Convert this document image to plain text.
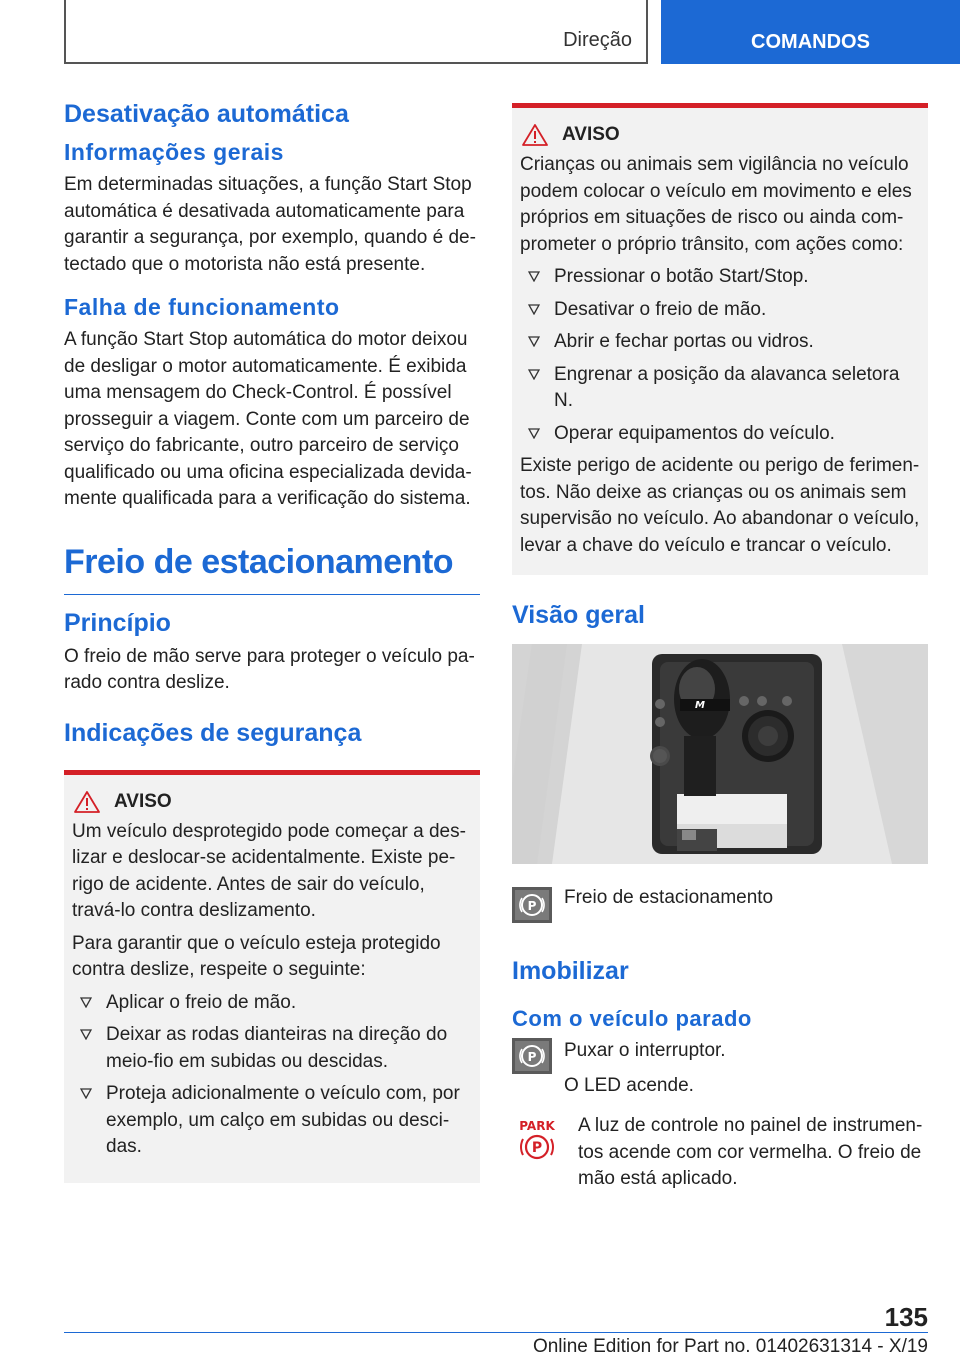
Direção	COMANDOS
Desativação automática
Informações gerais

Em determinadas situações, a função Start Stop automática é desativada automaticamente para garantir a segurança, por exemplo, quando é detectado que o motorista não está presente.

Falha de funcionamento

A função Start Stop automática do motor deixou de desligar o motor automaticamente. É exibida uma mensagem do Check-Control. É possível prosseguir a viagem. Conte com um parceiro de serviço do fabricante, outro parceiro de serviço qualificado ou uma oficina especializada devidamente qualificada para a verificação do sistema.

Freio de estacionamento
Princípio

O freio de mão serve para proteger o veículo parado contra deslize.

Indicações de segurança
AVISO

Um veículo desprotegido pode começar a deslizar e deslocar-se acidentalmente. Existe perigo de acidente. Antes de sair do veículo, travá-lo contra deslizamento.

Para garantir que o veículo esteja protegido contra deslize, respeite o seguinte:

Aplicar o freio de mão.
Deixar as rodas dianteiras na direção do meio-fio em subidas ou descidas.
Proteja adicionalmente o veículo com, por exemplo, um calço em subidas ou descidas.
AVISO

Crianças ou animais sem vigilância no veículo podem colocar o veículo em movimento e eles próprios em situações de risco ou ainda comprometer o próprio trânsito, com ações como:

Pressionar o botão Start/Stop.
Desativar o freio de mão.
Abrir e fechar portas ou vidros.
Engrenar a posição da alavanca seletora N.
Operar equipamentos do veículo.

Existe perigo de acidente ou perigo de ferimentos. Não deixe as crianças ou os animais sem supervisão no veículo. Ao abandonar o veículo, levar a chave do veículo e trancar o veículo.

Visão geral
M
P Freio de estacionamento

Imobilizar
Com o veículo parado
P Puxar o interruptor.

O LED acende.

PARK
P

A luz de controle no painel de instrumentos acende com cor vermelha. O freio de mão está aplicado.

135
Online Edition for Part no. 01402631314 - X/19
